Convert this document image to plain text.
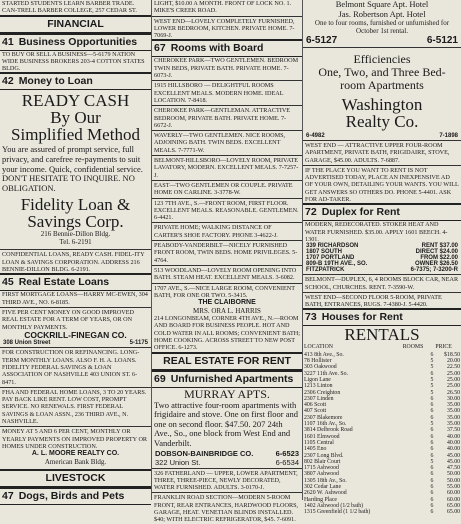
STARTED STUDENTS LEARN BARBER TRADE. CAN-TRELL BARBER COLLEGE, 257 CEDAR ST.

FINANCIAL
41 Business Opportunities

TO BUY OR SELL A BUSINESS—5-6179 NATION WIDE BUSINESS BROKERS 203-4 COTTON STATES BLDG.

42 Money to Loan
READY CASH
By Our
Simplified Method
You are assured of prompt service, full privacy, and carefree re-payments to suit your income. Quick, confidential service. DON'T HESITATE TO INQUIRE. NO OBLIGATION.
Fidelity Loan &
Savings Corp.
216 Bennie-Dillon Bldg.
Tel. 6-2191

CONFIDENTIAL LOANS, READY CASH. FIDEL-ITY LOAN & SAVINGS CORPORATION. ADDRESS 216 BENNIE-DILLON BLDG. 6-2191.

45 Real Estate Loans

FIRST MORTGAGE LOANS—HARRY MC-EWEN, 304 THIRD AVE., NO. 6-8185.

FIVE PER CENT MONEY ON GOOD IMPROVED REAL ESTATE FOR A TERM OF YEARS, OR ON MONTHLY PAYMENTS.

COCKRILL-FINEGAN CO.
308 Union Street	5-1175

FOR CONSTRUCTION OR REFINANCING. LONG-TERM MONTHLY LOANS. ALSO F. H. A. LOANS. FIDELITY FEDERAL SAVINGS & LOAN ASSOCIATION OF NASHVILLE 403 UNION ST. 6-8471.

FHA AND FEDERAL HOME LOANS, 3 TO 20 YEARS. PAY BACK LIKE RENT. LOW COST, PROMPT SERVICE. NO RENEWALS. FIRST FEDERAL SAVINGS & LOAN ASSN., 236 THIRD AVE., N. NASHVILLE.

MONEY AT 5 AND 6 PER CENT, MONTHLY OR YEARLY PAYMENTS ON IMPROVED PROPERTY OR HOMES UNDER CONSTRUCTION.

A. L. MOORE REALTY CO.
American Bank Bldg.
LIVESTOCK
47 Dogs, Birds and Pets

LIGHT, $10.00 A MONTH. FRONT OF LOCK NO. 1. MIKE'S CREEK ROAD.

WEST END—LOVELY COMPLETELY FURNISHED, LOWER BEDROOM, KITCHEN. PRIVATE HOME. 7-7069-J.

67 Rooms with Board

CHEROKEE PARK—TWO GENTLEMEN. BEDROOM TWIN BEDS, PRIVATE BATH. PRIVATE HOME. 7-6073-J.

1915 HILLSBORO — DELIGHTFUL ROOMS EXCELLENT MEALS. MODERN HOME. IDEAL LOCATION. 7-8418.

CHEROKEE PARK—GENTLEMAN. ATTRACTIVE BEDROOM, PRIVATE BATH. PRIVATE HOME. 7-6672-J.

WAVERLY—TWO GENTLEMEN. NICE ROOMS, ADJOINING BATH. TWIN BEDS. EXCELLENT MEALS. 7-7771-W.

BELMONT-HILLSBORO—LOVELY ROOM, PRIVATE LAVATORY, MODERN. EXCELLENT MEALS. 7-7257-J.

EAST—TWO GENTLEMEN OR COUPLE. PRIVATE HOME ON CARLINE. 3-3778-W.

123 7TH AVE., S.—FRONT ROOM, FIRST FLOOR. EXCELLENT MEALS. REASONABLE. GENTLEMEN. 6-4421.

PRIVATE HOME; WALKING DISTANCE OF CARTER'S SHOE FACTORY. PHONE 3-4622-J.

PEABODY-VANDERBILT—NICELY FURNISHED FRONT ROOM, TWIN BEDS. HOME PRIVILEGES. 5-4764.

513 WOODLAND—LOVELY ROOM OPENING INTO BATH. STEAM HEAT. EXCELLENT MEALS. 3-6082.

1707 AVE., S.—NICE LARGE ROOM, CONVENIENT BATH, FOR ONE OR TWO. 5-3415.

THE CLAIBORNE
MRS. ORA L. HARRIS

214 LONGONBEAM, CORNER 4TH AVE., N.—ROOM AND BOARD FOR BUSINESS PEOPLE. HOT AND COLD WATER IN ALL ROOMS; CONVENIENT BATH; HOME COOKING. ACROSS STREET TO NEW POST OFFICE. 6-1273.

REAL ESTATE FOR RENT
69 Unfurnished Apartments
MURRAY APTS.
Two attractive four-room apartments with frigidaire and stove. One on first floor and one on second floor. $47.50. 207 24th Ave., So., one block from West End and Vanderbilt.
DOBSON-BAINBRIDGE CO.	6-6523
322 Union St.	6-6534

326 FATHERLAND — UPPER, LOWER APARTMENT, THREE, THREE-PIECE, NEWLY DECORATED, WATER FURNISHED. ADULTS. 3-0170-J.

FRANKLIN ROAD SECTION—MODERN 5-ROOM FRONT, REAR ENTRANCES, HARDWOOD FLOORS, GARAGE, HEAT. VENETIAN BLINDS INSTALLED. $40; WITH ELECTRIC REFRIGERATOR, $45. 7-6091.

Belmont Square Apt. Hotel
Jas. Robertson Apt. Hotel
One to four rooms, furnished or unfurnished for October 1st rental.
6-5127	6-5121
Efficiencies
One, Two, and Three Bed-
room Apartments
Washington
Realty Co.
6-4982	7-1898

WEST END — ATTRACTIVE UPPER FOUR-ROOM APARTMENT, PRIVATE BATH, FRIGIDAIRE, STOVE, GARAGE, $45.00. ADULTS. 7-6887.

IF THE PLACE YOU WANT TO RENT IS NOT ADVERTISED TODAY, PLACE AN INEXPENSIVE AD OF YOUR OWN, DETAILING YOUR WANTS. YOU WILL GET ANSWERS SO OTHERS DO. PHONE 5-4401. ASK FOR AD-TAKER.

72 Duplex for Rent

MODERN, REDECORATED. STOKER HEAT AND WATER FURNISHED. $35.00. APPLY 1601 BEECH. 4-1301.

339 RICHARDSON	RENT $37.00
1807 SOUTH	DIRECT $24.00
1707 PORTLAND	FROM $22.00
809-B 19TH AVE., SO.	OWNER $26.50
FITZPATRICK	6-7375; 7-3200-R

BELMONT—DUPLEX, 6, 4 ROOMS BLOCK CAR, NEAR SCHOOL, CHURCHES. RENT. 7-3590-W.

WEST END—SECOND FLOOR 5-ROOM, PRIVATE BATH, ENTRANCES, RUGS. 7-4380-J. 5-4420.

73 Houses for Rent
RENTALS
LOCATION	ROOMS	PRICE
413 8th Ave., So.	6	$18.50
78 Hollister	5	20.00
303 Oakwood	5	22.50
3227 11th Ave. So.	6	25.00
Ligon Lane	5	25.00
1213 Linton	5	25.00
2306 Creighton	5	26.50
2307 Linden	6	30.00
406 Scott	6	35.00
407 Scott	6	35.00
2307 Blakemore	6	35.00
1107 16th Av., So.	5	35.00
3814 Delbrook Road	6	37.50
1601 Elmwood	6	40.00
1105 Central	6	40.00
1405 Eno	6	40.00
2307 Long Blvd.	6	45.00
802 Blair Court	5	45.00
1715 Ashwood	6	47.50
3807 Ashwood	6	50.00
1305 18th Av., So.	6	50.00
302 Cedar Lane	6	55.00
2620 W. Ashwood	6	60.00
Harding Place	6	60.00
1402 Ashwood (1/2 bath)	6	65.00
1315 Greenfield (1 1/2 bath)	6	65.00
